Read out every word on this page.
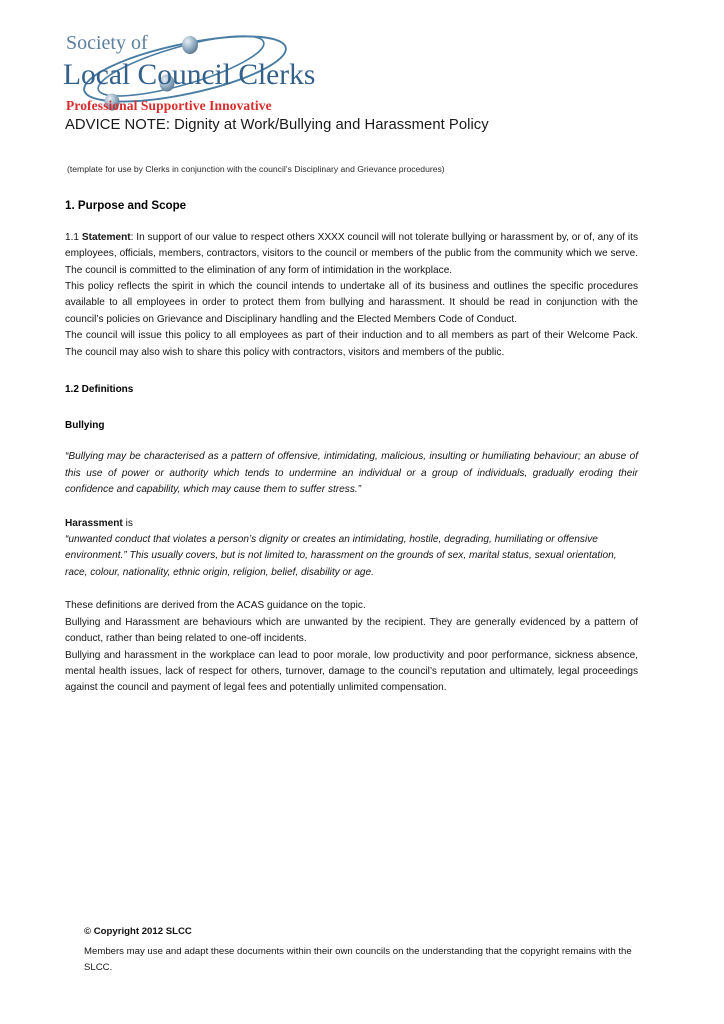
Society of
Local Council Clerks
Professional Supportive Innovative
ADVICE NOTE: Dignity at Work/Bullying and Harassment Policy
(template for use by Clerks in conjunction with the council’s Disciplinary and Grievance procedures)
1. Purpose and Scope

1.1 Statement: In support of our value to respect others XXXX council will not tolerate bullying or harassment by, or of, any of its employees, officials, members, contractors, visitors to the council or members of the public from the community which we serve. The council is committed to the elimination of any form of intimidation in the workplace.

This policy reflects the spirit in which the council intends to undertake all of its business and outlines the specific procedures available to all employees in order to protect them from bullying and harassment. It should be read in conjunction with the council’s policies on Grievance and Disciplinary handling and the Elected Members Code of Conduct.

The council will issue this policy to all employees as part of their induction and to all members as part of their Welcome Pack. The council may also wish to share this policy with contractors, visitors and members of the public.

1.2 Definitions
Bullying

“Bullying may be characterised as a pattern of offensive, intimidating, malicious, insulting or humiliating behaviour; an abuse of this use of power or authority which tends to undermine an individual or a group of individuals, gradually eroding their confidence and capability, which may cause them to suffer stress.”

Harassment is

“unwanted conduct that violates a person’s dignity or creates an intimidating, hostile, degrading, humiliating or offensive environment.” This usually covers, but is not limited to, harassment on the grounds of sex, marital status, sexual orientation, race, colour, nationality, ethnic origin, religion, belief, disability or age.

These definitions are derived from the ACAS guidance on the topic.

Bullying and Harassment are behaviours which are unwanted by the recipient. They are generally evidenced by a pattern of conduct, rather than being related to one-off incidents.

Bullying and harassment in the workplace can lead to poor morale, low productivity and poor performance, sickness absence, mental health issues, lack of respect for others, turnover, damage to the council’s reputation and ultimately, legal proceedings against the council and payment of legal fees and potentially unlimited compensation.

© Copyright 2012 SLCC

Members may use and adapt these documents within their own councils on the understanding that the copyright remains with the SLCC.
